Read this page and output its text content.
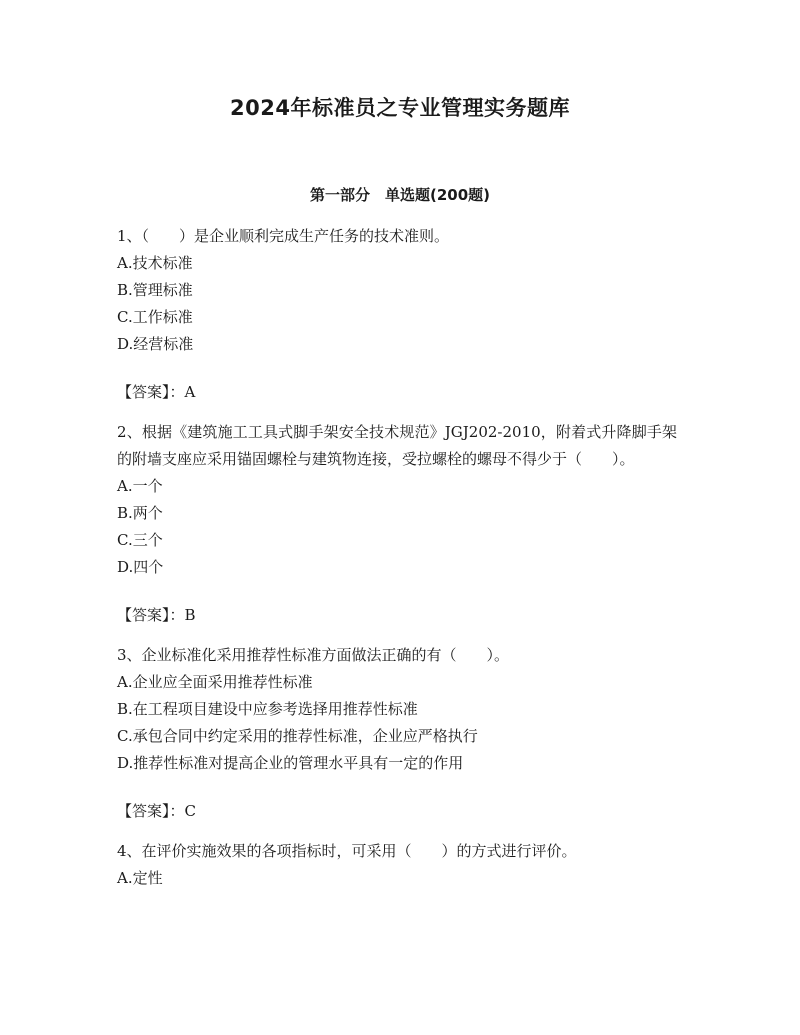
2024年标准员之专业管理实务题库
第一部分　单选题(200题)

1、（　　）是企业顺利完成生产任务的技术准则。

A.技术标准

B.管理标准

C.工作标准

D.经营标准

【答案】：A

2、根据《建筑施工工具式脚手架安全技术规范》JGJ202-2010，附着式升降脚手架的附墙支座应采用锚固螺栓与建筑物连接，受拉螺栓的螺母不得少于（　　）。

A.一个

B.两个

C.三个

D.四个

【答案】：B

3、企业标准化采用推荐性标准方面做法正确的有（　　）。

A.企业应全面采用推荐性标准

B.在工程项目建设中应参考选择用推荐性标准

C.承包合同中约定采用的推荐性标准，企业应严格执行

D.推荐性标准对提高企业的管理水平具有一定的作用

【答案】：C

4、在评价实施效果的各项指标时，可采用（　　）的方式进行评价。

A.定性
